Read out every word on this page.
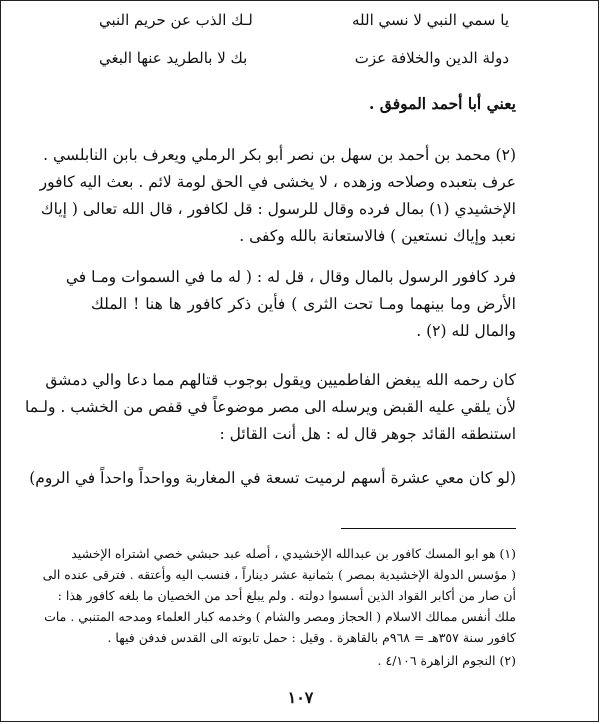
يا سمي النبي لا نسي الله
لـك الذب عن حريم النبي
دولة الدين والخلافة عزت
بك لا بالطريد عنها البغي
يعني أبا أحمد الموفق .
(٢) محمد بن أحمد بن سهل بن نصر أبو بكر الرملي ويعرف بابن النابلسي .
عرف بتعبده وصلاحه وزهده ، لا يخشى في الحق لومة لائم . بعث اليه كافور
الإخشيدي (١) بمال فرده وقال للرسول : قل لكافور ، قال الله تعالى ( إياك
نعبد وإياك نستعين ) فالاستعانة بالله وكفى .
فرد كافور الرسول بالمال وقال ، قل له : ( له ما في السموات ومـا في
الأرض وما بينهما ومـا تحت الثرى ) فأين ذكر كافور ها هنا ! الملك
والمال لله (٢) .
كان رحمه الله يبغض الفاطميين ويقول بوجوب قتالهم مما دعا والي دمشق
لأن يلقي عليه القبض ويرسله الى مصر موضوعاً في قفص من الخشب . ولـما
استنطقه القائد جوهر قال له : هل أنت القائل :
(لو كان معي عشرة أسهم لرميت تسعة في المغاربة وواحداً واحداً في الروم)
(١) هو ابو المسك كافور بن عبدالله الإخشيدي ، أصله عبد حبشي خصي اشتراه الإخشيد
( مؤسس الدولة الإخشيدية بمصر ) بثمانية عشر ديناراً ، فنسب اليه وأعتقه . فترقى عنده الى
أن صار من أكابر القواد الذين أسسوا دولته . ولم يبلغ أحد من الخصيان ما بلغه كافور هذا :
ملك أنفس ممالك الاسلام ( الحجاز ومصر والشام ) وخدمه كبار العلماء ومدحه المتنبي . مات
كافور سنة ٣٥٧هـ = ٩٦٨م بالقاهرة . وقيل : حمل تابوته الى القدس فدفن فيها .
(٢) النجوم الزاهرة ٤/١٠٦ .
١٠٧
